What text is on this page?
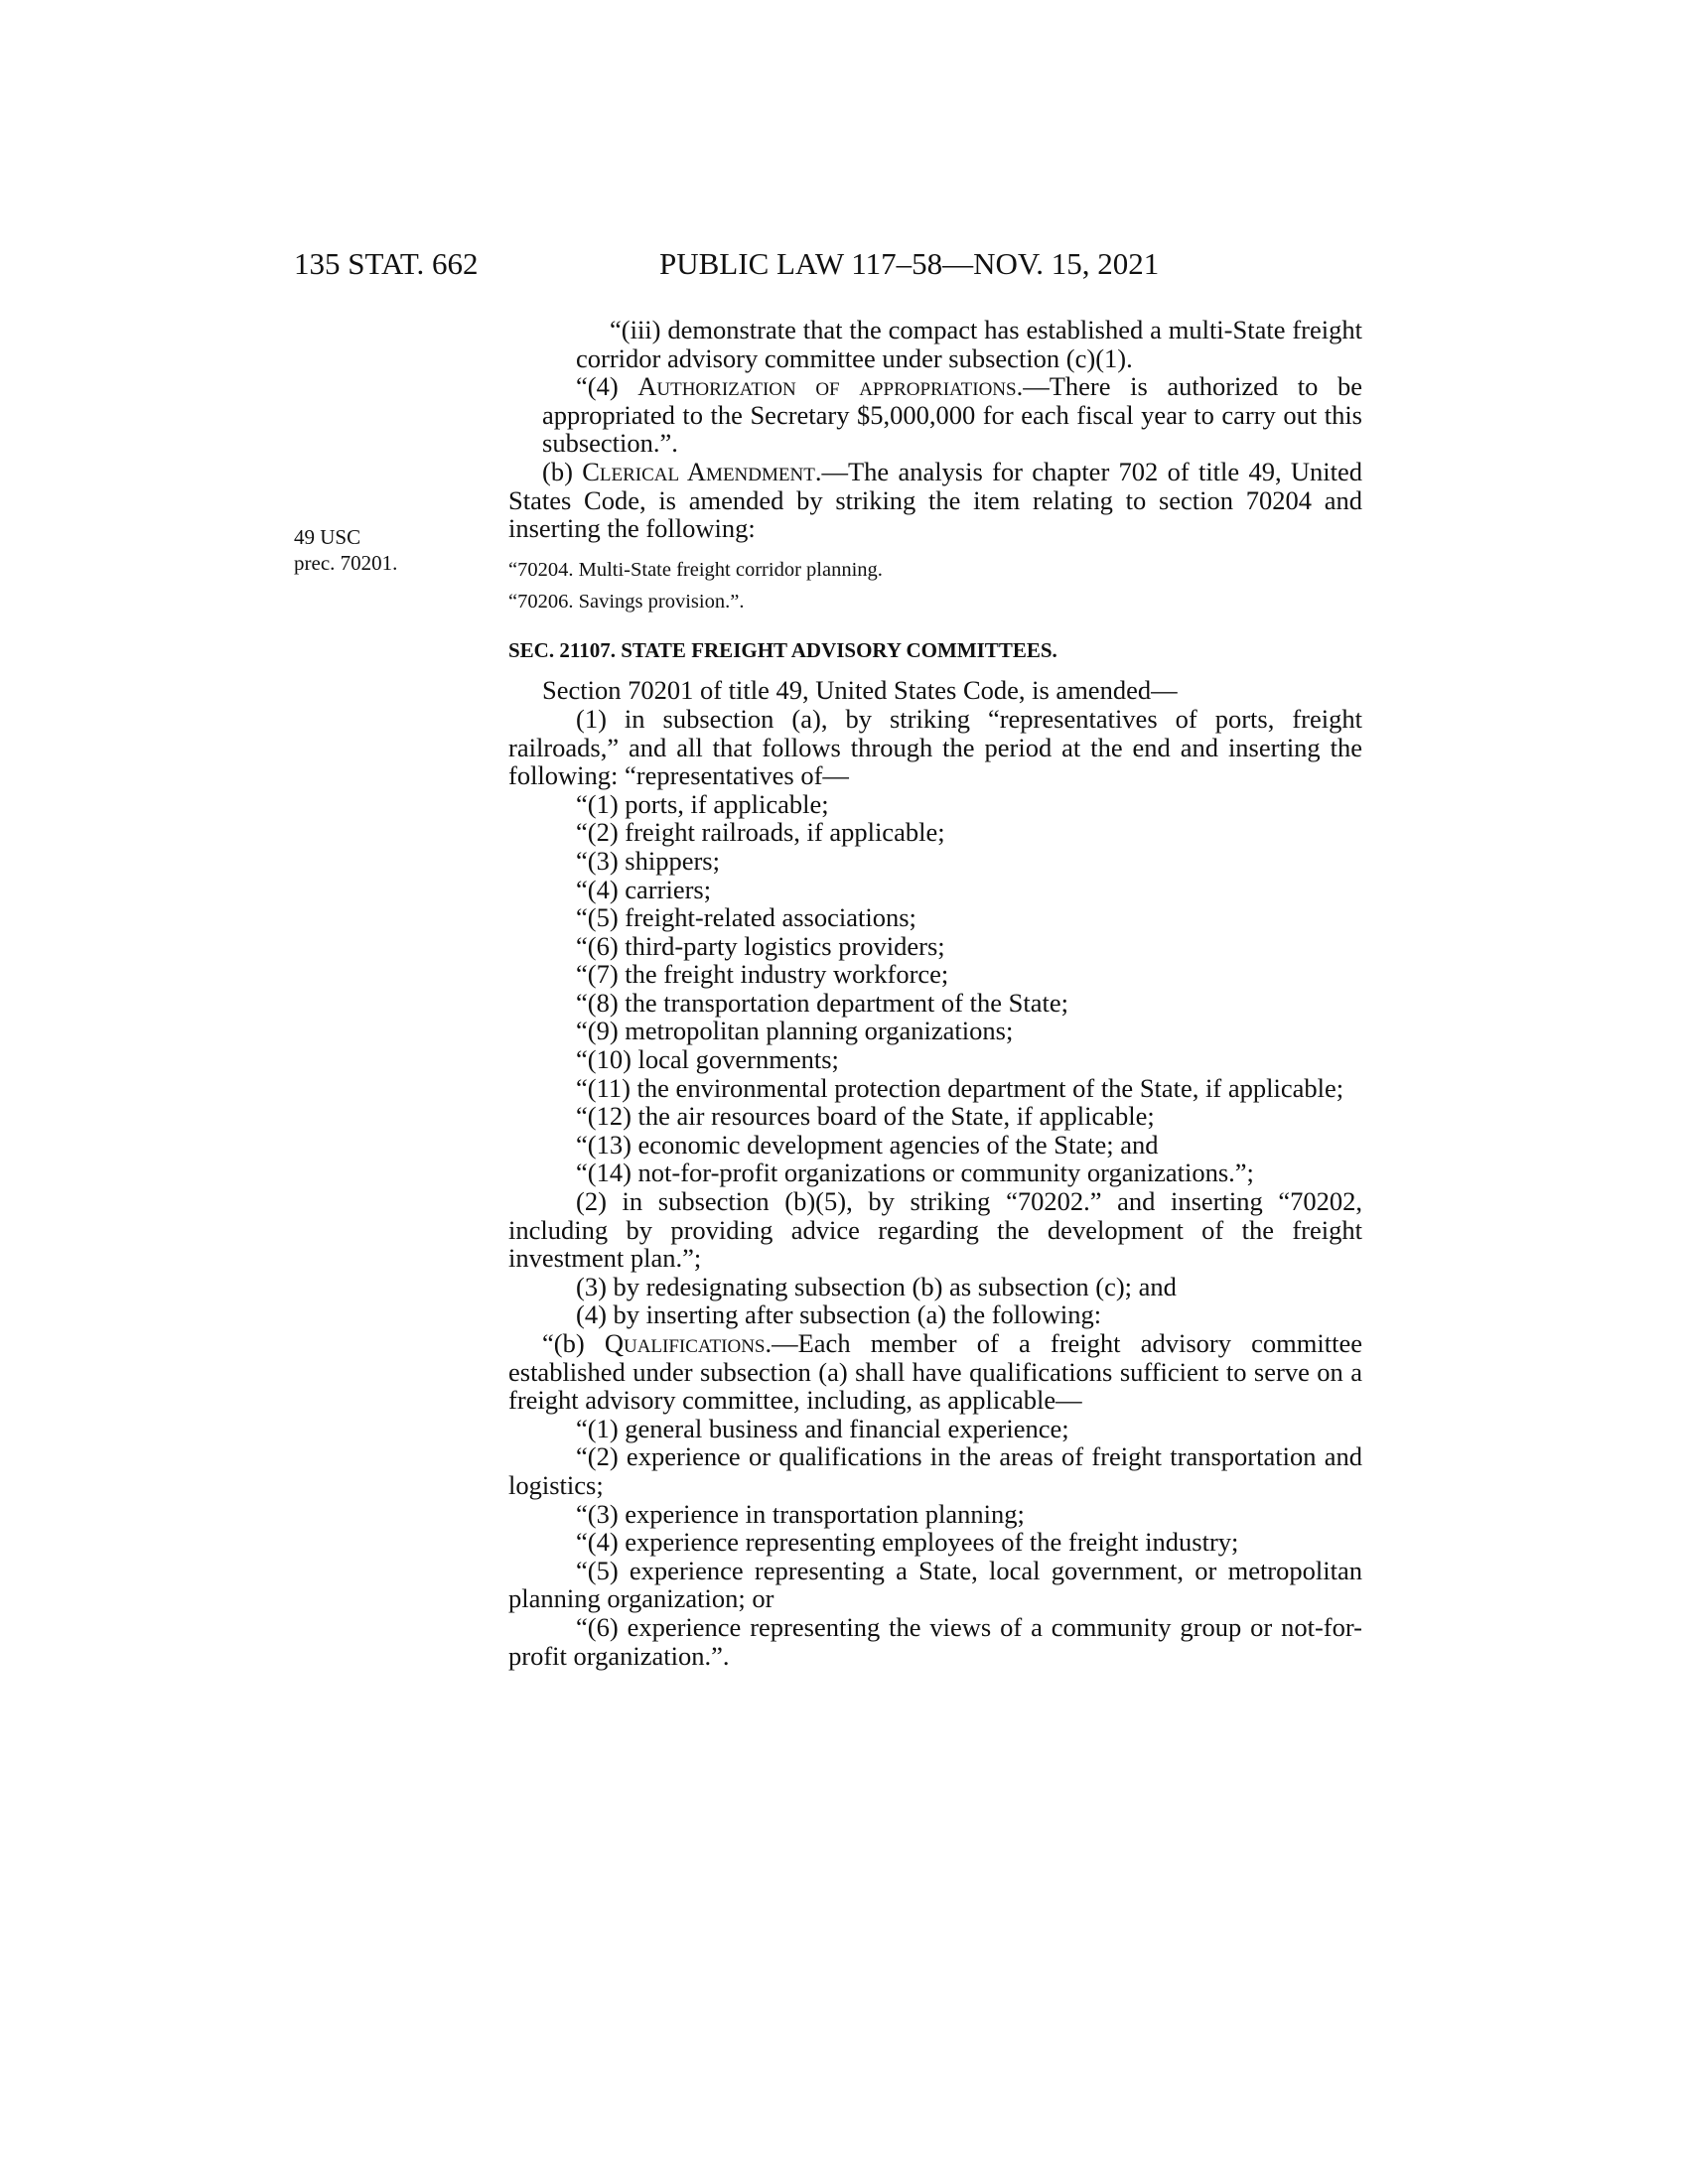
135 STAT. 662	PUBLIC LAW 117–58—NOV. 15, 2021
49 USC
prec. 70201.

“(iii) demonstrate that the compact has established a multi-State freight corridor advisory committee under subsection (c)(1).

“(4) Authorization of appropriations.—There is authorized to be appropriated to the Secretary $5,000,000 for each fiscal year to carry out this subsection.”.

(b) Clerical Amendment.—The analysis for chapter 702 of title 49, United States Code, is amended by striking the item relating to section 70204 and inserting the following:

“70204. Multi-State freight corridor planning.

“70206. Savings provision.”.

SEC. 21107. STATE FREIGHT ADVISORY COMMITTEES.

Section 70201 of title 49, United States Code, is amended—

(1) in subsection (a), by striking “representatives of ports, freight railroads,” and all that follows through the period at the end and inserting the following: “representatives of—

“(1) ports, if applicable;

“(2) freight railroads, if applicable;

“(3) shippers;

“(4) carriers;

“(5) freight-related associations;

“(6) third-party logistics providers;

“(7) the freight industry workforce;

“(8) the transportation department of the State;

“(9) metropolitan planning organizations;

“(10) local governments;

“(11) the environmental protection department of the State, if applicable;

“(12) the air resources board of the State, if applicable;

“(13) economic development agencies of the State; and

“(14) not-for-profit organizations or community organizations.”;

(2) in subsection (b)(5), by striking “70202.” and inserting “70202, including by providing advice regarding the development of the freight investment plan.”;

(3) by redesignating subsection (b) as subsection (c); and

(4) by inserting after subsection (a) the following:

“(b) Qualifications.—Each member of a freight advisory committee established under subsection (a) shall have qualifications sufficient to serve on a freight advisory committee, including, as applicable—

“(1) general business and financial experience;

“(2) experience or qualifications in the areas of freight transportation and logistics;

“(3) experience in transportation planning;

“(4) experience representing employees of the freight industry;

“(5) experience representing a State, local government, or metropolitan planning organization; or

“(6) experience representing the views of a community group or not-for-profit organization.”.
